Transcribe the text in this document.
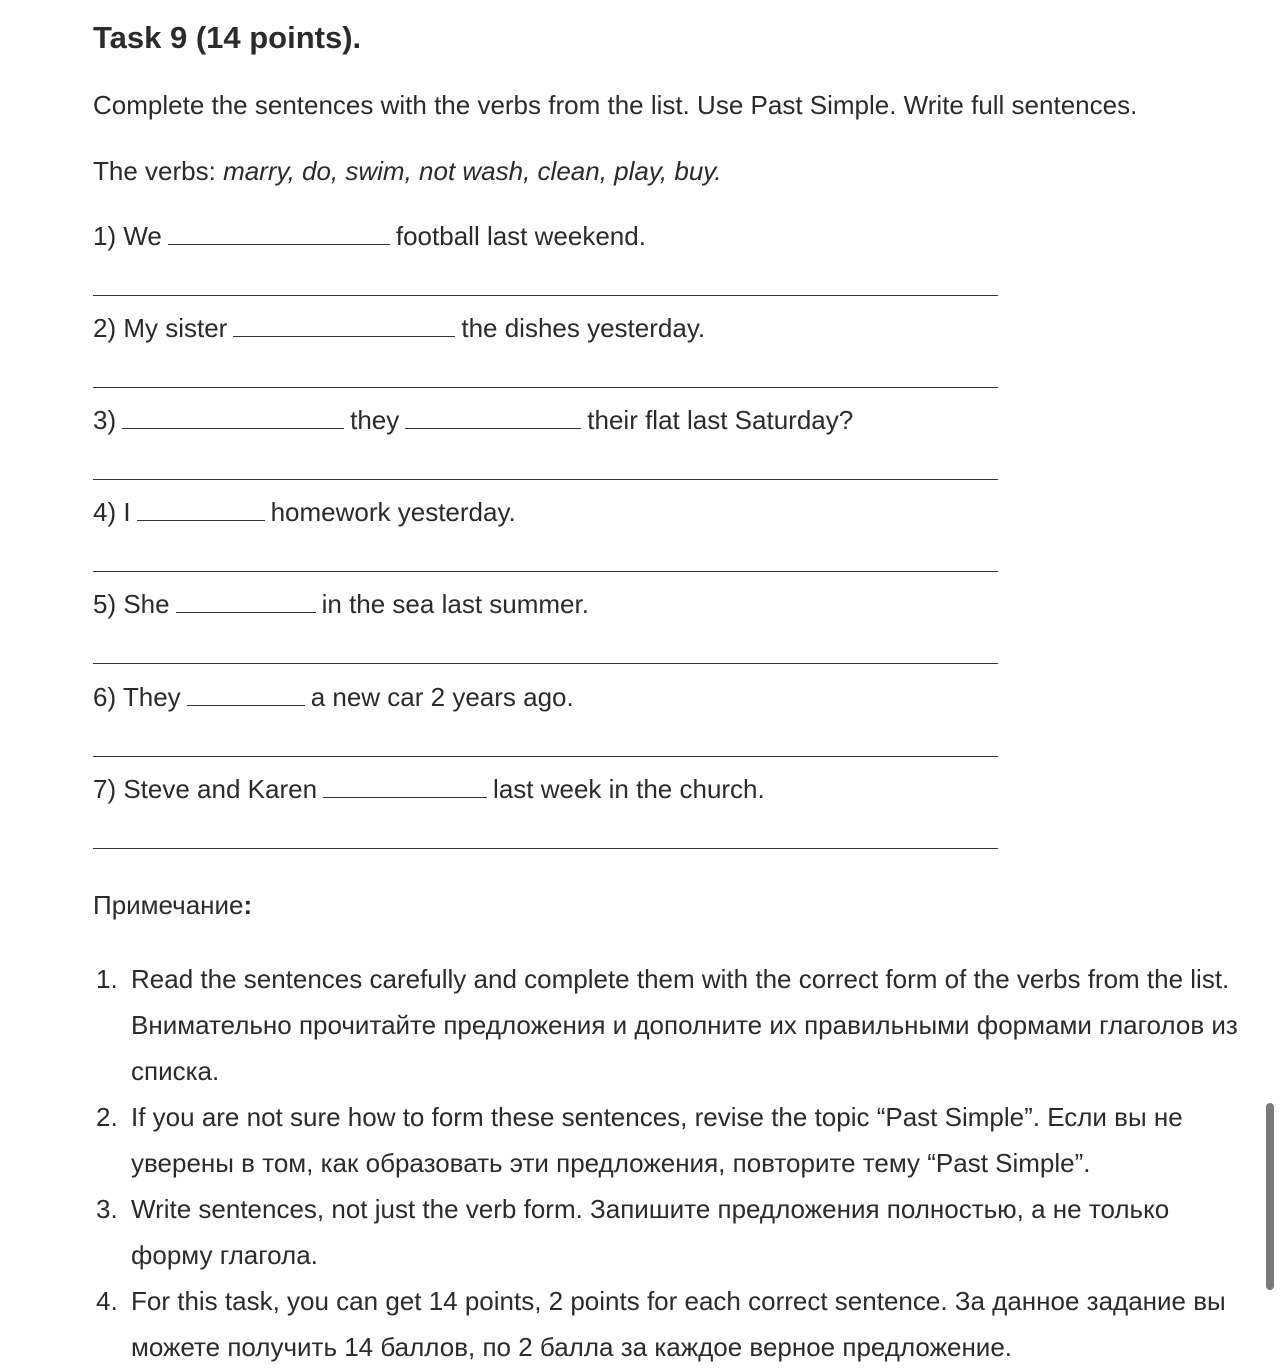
Task 9 (14 points).
Complete the sentences with the verbs from the list. Use Past Simple. Write full sentences.
The verbs: marry, do, swim, not wash, clean, play, buy.
1) We	football last weekend.
2) My sister	the dishes yesterday.
3)	they	their flat last Saturday?
4) I	homework yesterday.
5) She	in the sea last summer.
6) They	a new car 2 years ago.
7) Steve and Karen	last week in the church.
Примечание:
1. Read the sentences carefully and complete them with the correct form of the verbs from the list. Внимательно прочитайте предложения и дополните их правильными формами глаголов из списка.
2. If you are not sure how to form these sentences, revise the topic “Past Simple”. Если вы не уверены в том, как образовать эти предложения, повторите тему “Past Simple”.
3. Write sentences, not just the verb form. Запишите предложения полностью, а не только форму глагола.
4. For this task, you can get 14 points, 2 points for each correct sentence. За данное задание вы можете получить 14 баллов, по 2 балла за каждое верное предложение.
